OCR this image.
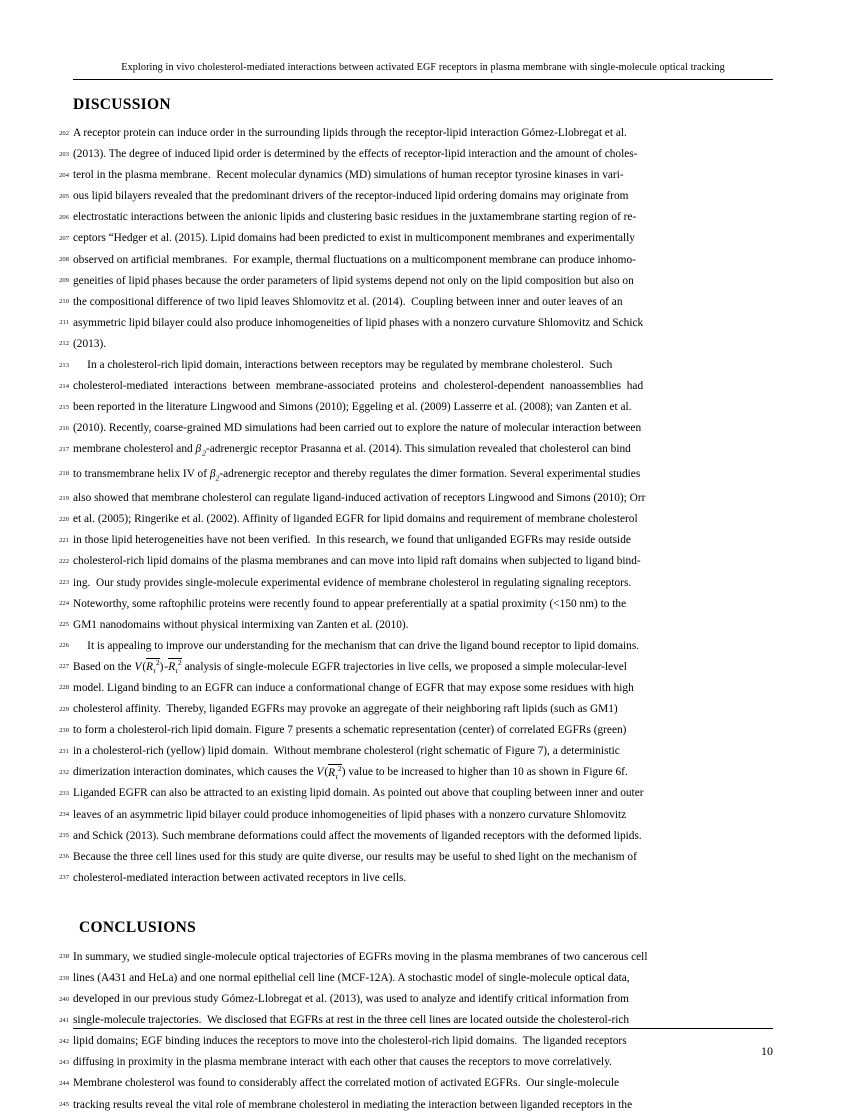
Exploring in vivo cholesterol-mediated interactions between activated EGF receptors in plasma membrane with single-molecule optical tracking
DISCUSSION
202 A receptor protein can induce order in the surrounding lipids through the receptor-lipid interaction Gómez-Llobregat et al.
203 (2013). The degree of induced lipid order is determined by the effects of receptor-lipid interaction and the amount of choles-
204 terol in the plasma membrane.  Recent molecular dynamics (MD) simulations of human receptor tyrosine kinases in vari-
205 ous lipid bilayers revealed that the predominant drivers of the receptor-induced lipid ordering domains may originate from
206 electrostatic interactions between the anionic lipids and clustering basic residues in the juxtamembrane starting region of re-
207 ceptors “Hedger et al. (2015). Lipid domains had been predicted to exist in multicomponent membranes and experimentally
208 observed on artificial membranes.  For example, thermal fluctuations on a multicomponent membrane can produce inhomo-
209 geneities of lipid phases because the order parameters of lipid systems depend not only on the lipid composition but also on
210 the compositional difference of two lipid leaves Shlomovitz et al. (2014).  Coupling between inner and outer leaves of an
211 asymmetric lipid bilayer could also produce inhomogeneities of lipid phases with a nonzero curvature Shlomovitz and Schick
212 (2013).
213 In a cholesterol-rich lipid domain, interactions between receptors may be regulated by membrane cholesterol.  Such
214 cholesterol-mediated  interactions  between  membrane-associated  proteins  and  cholesterol-dependent  nanoassemblies  had
215 been reported in the literature Lingwood and Simons (2010); Eggeling et al. (2009) Lasserre et al. (2008); van Zanten et al.
216 (2010). Recently, coarse-grained MD simulations had been carried out to explore the nature of molecular interaction between
217 membrane cholesterol and β $_2$-adrenergic receptor Prasanna et al. (2014). This simulation revealed that cholesterol can bind
218 to transmembrane helix IV of $\beta_2$-adrenergic receptor and thereby regulates the dimer formation. Several experimental studies
219 also showed that membrane cholesterol can regulate ligand-induced activation of receptors Lingwood and Simons (2010); Orr
220 et al. (2005); Ringerike et al. (2002). Affinity of liganded EGFR for lipid domains and requirement of membrane cholesterol
221 in those lipid heterogeneities have not been verified.  In this research, we found that unliganded EGFRs may reside outside
222 cholesterol-rich lipid domains of the plasma membranes and can move into lipid raft domains when subjected to ligand bind-
223 ing.  Our study provides single-molecule experimental evidence of membrane cholesterol in regulating signaling receptors.
224 Noteworthy, some raftophilic proteins were recently found to appear preferentially at a spatial proximity (<150 nm) to the
225 GM1 nanodomains without physical intermixing van Zanten et al. (2010).
226 It is appealing to improve our understanding for the mechanism that can drive the ligand bound receptor to lipid domains.
227 Based on the V $(R_\tau^2)$ $-R_\tau^2$ analysis of single-molecule EGFR trajectories in live cells, we proposed a simple molecular-level
228 model. Ligand binding to an EGFR can induce a conformational change of EGFR that may expose some residues with high
229 cholesterol affinity.  Thereby, liganded EGFRs may provoke an aggregate of their neighboring raft lipids (such as GM1)
230 to form a cholesterol-rich lipid domain. Figure 7 presents a schematic representation (center) of correlated EGFRs (green)
231 in a cholesterol-rich (yellow) lipid domain.  Without membrane cholesterol (right schematic of Figure 7), a deterministic
232 dimerization interaction dominates, which causes the V $(R_\tau^2)$ value to be increased to higher than 10 as shown in Figure 6f.
233 Liganded EGFR can also be attracted to an existing lipid domain. As pointed out above that coupling between inner and outer
234 leaves of an asymmetric lipid bilayer could produce inhomogeneities of lipid phases with a nonzero curvature Shlomovitz
235 and Schick (2013). Such membrane deformations could affect the movements of liganded receptors with the deformed lipids.
236 Because the three cell lines used for this study are quite diverse, our results may be useful to shed light on the mechanism of
237 cholesterol-mediated interaction between activated receptors in live cells.
CONCLUSIONS
238 In summary, we studied single-molecule optical trajectories of EGFRs moving in the plasma membranes of two cancerous cell
239 lines (A431 and HeLa) and one normal epithelial cell line (MCF-12A). A stochastic model of single-molecule optical data,
240 developed in our previous study Gómez-Llobregat et al. (2013), was used to analyze and identify critical information from
241 single-molecule trajectories.  We disclosed that EGFRs at rest in the three cell lines are located outside the cholesterol-rich
242 lipid domains; EGF binding induces the receptors to move into the cholesterol-rich lipid domains.  The liganded receptors
243 diffusing in proximity in the plasma membrane interact with each other that causes the receptors to move correlatively.
244 Membrane cholesterol was found to considerably affect the correlated motion of activated EGFRs.  Our single-molecule
245 tracking results reveal the vital role of membrane cholesterol in mediating the interaction between liganded receptors in the
10
